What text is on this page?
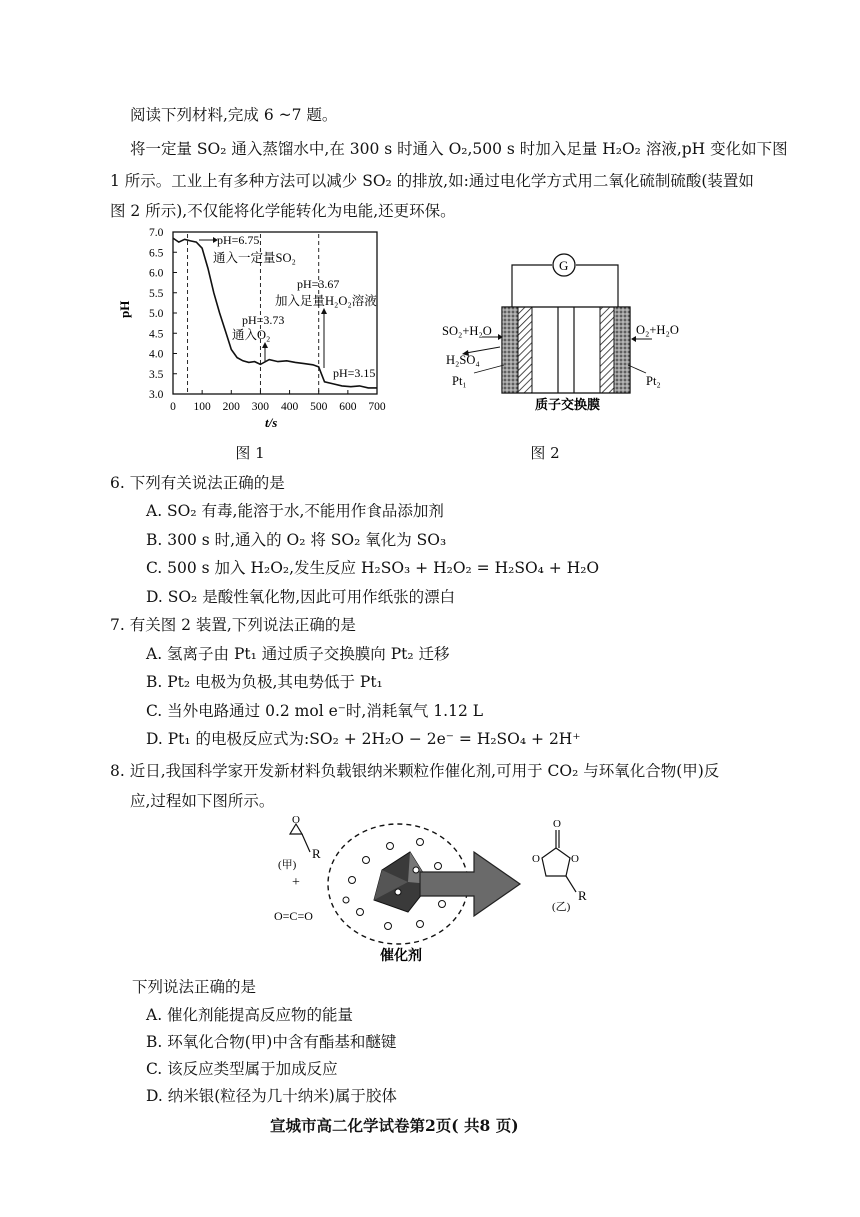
阅读下列材料,完成 6 ~7 题。
将一定量 SO₂ 通入蒸馏水中,在 300 s 时通入 O₂,500 s 时加入足量 H₂O₂ 溶液,pH 变化如下图
1 所示。工业上有多种方法可以减少 SO₂ 的排放,如:通过电化学方式用二氧化硫制硫酸(装置如
图 2 所示),不仅能将化学能转化为电能,还更环保。
7.0
6.5
6.0
5.5
5.0
4.5
4.0
3.5
3.0
0 100 200 300 400 500 600 700
pH
t/s
pH=6.75
通入一定量SO₂
pH=3.67
加入足量H₂O₂溶液
pH=3.73
通入O₂
pH=3.15
图 1
G
SO₂+H₂O
H₂SO₄
O₂+H₂O
Pt₁	Pt₂
质子交换膜
图 2
6. 下列有关说法正确的是
A. SO₂ 有毒,能溶于水,不能用作食品添加剂
B. 300 s 时,通入的 O₂ 将 SO₂ 氧化为 SO₃
C. 500 s 加入 H₂O₂,发生反应 H₂SO₃ + H₂O₂ = H₂SO₄ + H₂O
D. SO₂ 是酸性氧化物,因此可用作纸张的漂白
7. 有关图 2 装置,下列说法正确的是
A. 氢离子由 Pt₁ 通过质子交换膜向 Pt₂ 迁移
B. Pt₂ 电极为负极,其电势低于 Pt₁
C. 当外电路通过 0.2 mol e⁻时,消耗氧气 1.12 L
D. Pt₁ 的电极反应式为:SO₂ + 2H₂O − 2e⁻ = H₂SO₄ + 2H⁺
8. 近日,我国科学家开发新材料负载银纳米颗粒作催化剂,可用于 CO₂ 与环氧化合物(甲)反
应,过程如下图所示。
O
R
(甲)
+
O=C=O
O
O	O
R
(乙)
催化剂
下列说法正确的是
A. 催化剂能提高反应物的能量
B. 环氧化合物(甲)中含有酯基和醚键
C. 该反应类型属于加成反应
D. 纳米银(粒径为几十纳米)属于胶体
宣城市高二化学试卷第2页( 共8 页)
